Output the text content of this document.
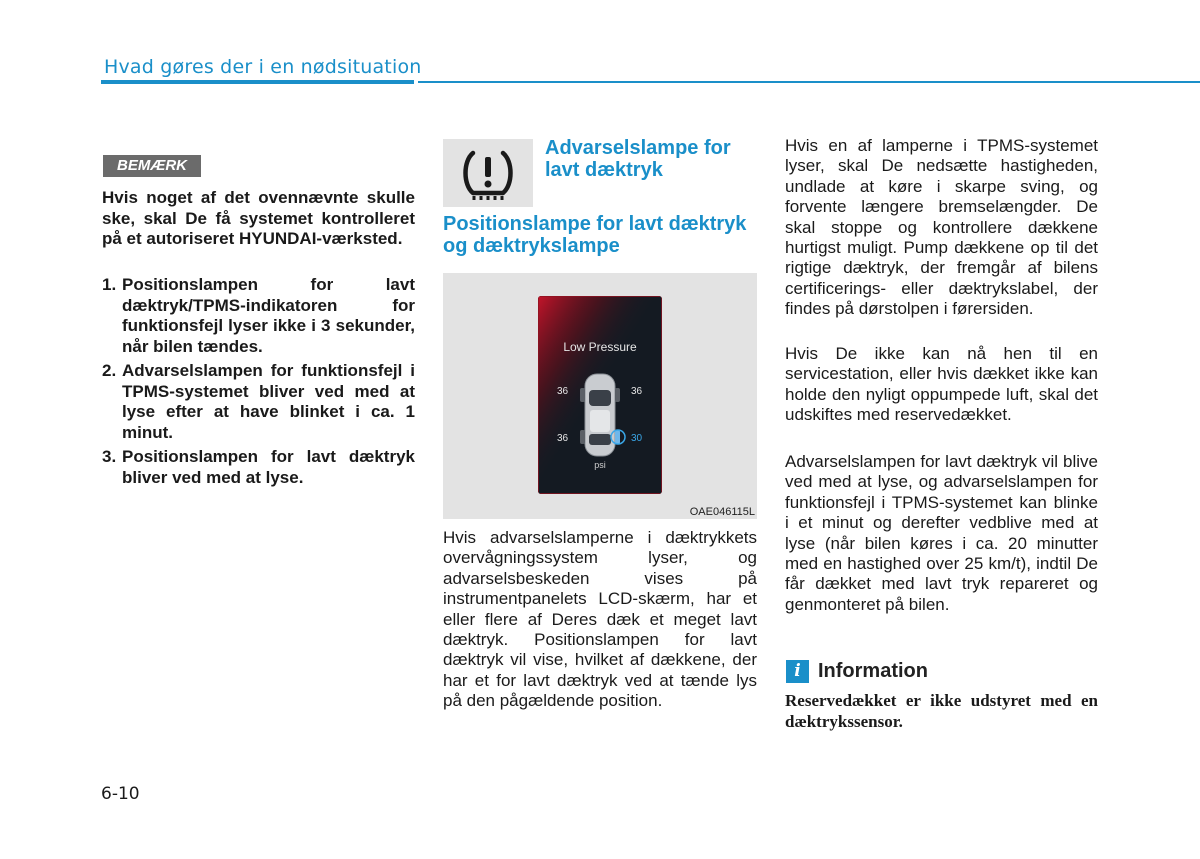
Hvad gøres der i en nødsituation
BEMÆRK
Hvis noget af det ovennævnte skulle ske, skal De få systemet kontrolleret på et autoriseret HYUNDAI-værksted.
1. Positionslampen for lavt dæktryk/TPMS-indikatoren for funktionsfejl lyser ikke i 3 sekunder, når bilen tændes.
2. Advarselslampen for funktionsfejl i TPMS-systemet bliver ved med at lyse efter at have blinket i ca. 1 minut.
3. Positionslampen for lavt dæktryk bliver ved med at lyse.
Advarselslampe for lavt dæktryk
Positionslampe for lavt dæktryk og dæktrykslampe
Low Pressure
36	36
36	30
psi
OAE046115L
Hvis advarselslamperne i dæktrykkets overvågningssystem lyser, og advarselsbeskeden vises på instrumentpanelets LCD-skærm, har et eller flere af Deres dæk et meget lavt dæktryk. Positionslampen for lavt dæktryk vil vise, hvilket af dækkene, der har et for lavt dæktryk ved at tænde lys på den pågældende position.

Hvis en af lamperne i TPMS-systemet lyser, skal De nedsætte hastigheden, undlade at køre i skarpe sving, og forvente længere bremselængder. De skal stoppe og kontrollere dækkene hurtigst muligt. Pump dækkene op til det rigtige dæktryk, der fremgår af bilens certificerings- eller dæktrykslabel, der findes på dørstolpen i førersiden.

Hvis De ikke kan nå hen til en servicestation, eller hvis dækket ikke kan holde den nyligt oppumpede luft, skal det udskiftes med reservedækket.

Advarselslampen for lavt dæktryk vil blive ved med at lyse, og advarselslampen for funktionsfejl i TPMS-systemet kan blinke i et minut og derefter vedblive med at lyse (når bilen køres i ca. 20 minutter med en hastighed over 25 km/t), indtil De får dækket med lavt tryk repareret og genmonteret på bilen.

i Information
Reservedækket er ikke udstyret med en dæktrykssensor.
6-10
